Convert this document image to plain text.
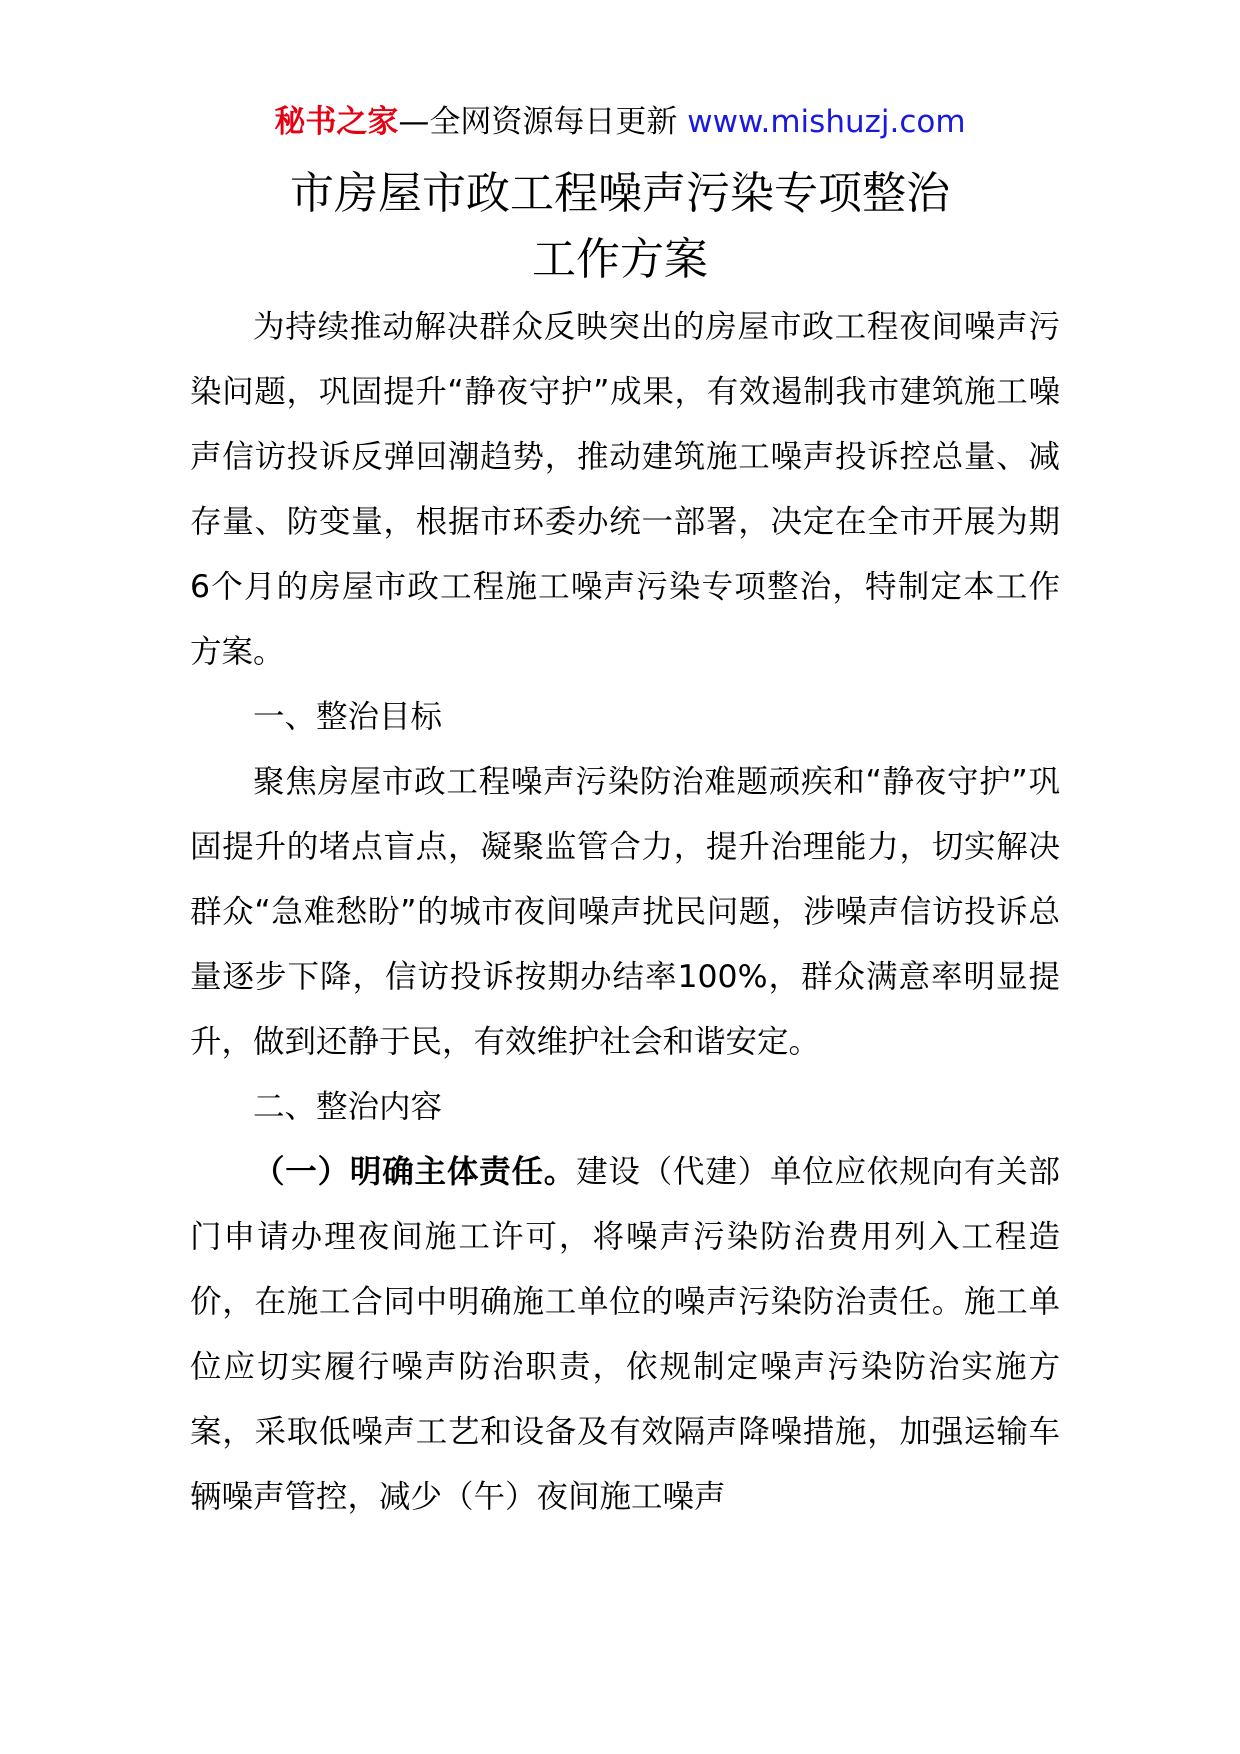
秘书之家—全网资源每日更新 www.mishuzj.com
市房屋市政工程噪声污染专项整治
工作方案

为持续推动解决群众反映突出的房屋市政工程夜间噪声污染问题，巩固提升“静夜守护”成果，有效遏制我市建筑施工噪声信访投诉反弹回潮趋势，推动建筑施工噪声投诉控总量、减存量、防变量，根据市环委办统一部署，决定在全市开展为期6个月的房屋市政工程施工噪声污染专项整治，特制定本工作方案。

一、整治目标

聚焦房屋市政工程噪声污染防治难题顽疾和“静夜守护”巩固提升的堵点盲点，凝聚监管合力，提升治理能力，切实解决群众“急难愁盼”的城市夜间噪声扰民问题，涉噪声信访投诉总量逐步下降，信访投诉按期办结率100%，群众满意率明显提升，做到还静于民，有效维护社会和谐安定。

二、整治内容

（一）明确主体责任。建设（代建）单位应依规向有关部门申请办理夜间施工许可，将噪声污染防治费用列入工程造价，在施工合同中明确施工单位的噪声污染防治责任。施工单位应切实履行噪声防治职责，依规制定噪声污染防治实施方案，采取低噪声工艺和设备及有效隔声降噪措施，加强运输车辆噪声管控，减少（午）夜间施工噪声
